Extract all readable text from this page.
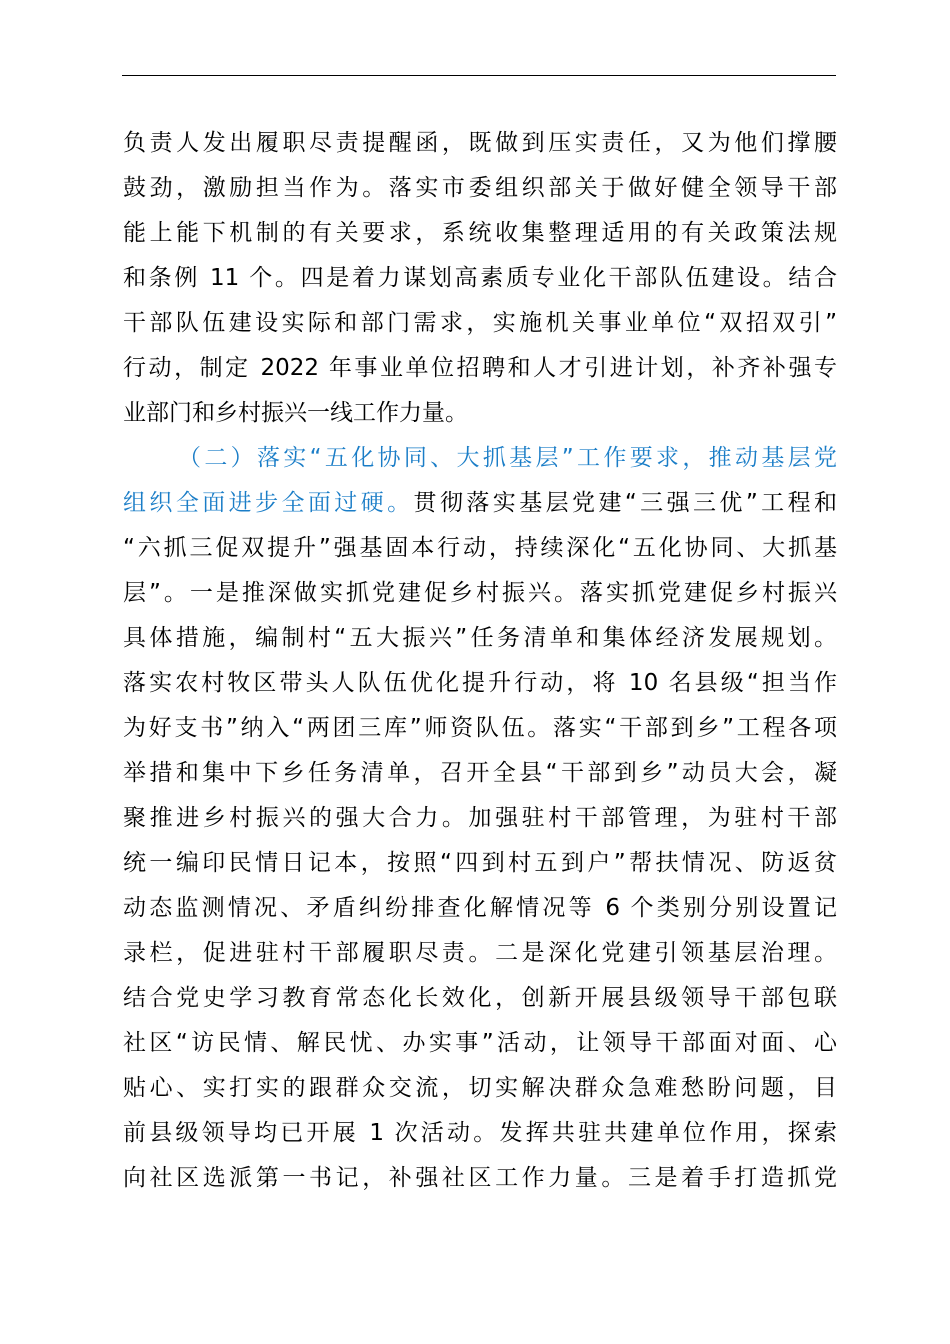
负责人发出履职尽责提醒函，既做到压实责任，又为他们撑腰
鼓劲，激励担当作为。落实市委组织部关于做好健全领导干部
能上能下机制的有关要求，系统收集整理适用的有关政策法规
和条例 11 个。四是着力谋划高素质专业化干部队伍建设。结合
干部队伍建设实际和部门需求，实施机关事业单位“双招双引”
行动，制定 2022 年事业单位招聘和人才引进计划，补齐补强专
业部门和乡村振兴一线工作力量。
（二）落实“五化协同、大抓基层”工作要求，推动基层党
组织全面进步全面过硬。贯彻落实基层党建“三强三优”工程和
“六抓三促双提升”强基固本行动，持续深化“五化协同、大抓基
层”。一是推深做实抓党建促乡村振兴。落实抓党建促乡村振兴
具体措施，编制村“五大振兴”任务清单和集体经济发展规划。
落实农村牧区带头人队伍优化提升行动，将 10 名县级“担当作
为好支书”纳入“两团三库”师资队伍。落实“干部到乡”工程各项
举措和集中下乡任务清单，召开全县“干部到乡”动员大会，凝
聚推进乡村振兴的强大合力。加强驻村干部管理，为驻村干部
统一编印民情日记本，按照“四到村五到户”帮扶情况、防返贫
动态监测情况、矛盾纠纷排查化解情况等 6 个类别分别设置记
录栏，促进驻村干部履职尽责。二是深化党建引领基层治理。
结合党史学习教育常态化长效化，创新开展县级领导干部包联
社区“访民情、解民忧、办实事”活动，让领导干部面对面、心
贴心、实打实的跟群众交流，切实解决群众急难愁盼问题，目
前县级领导均已开展 1 次活动。发挥共驻共建单位作用，探索
向社区选派第一书记，补强社区工作力量。三是着手打造抓党
